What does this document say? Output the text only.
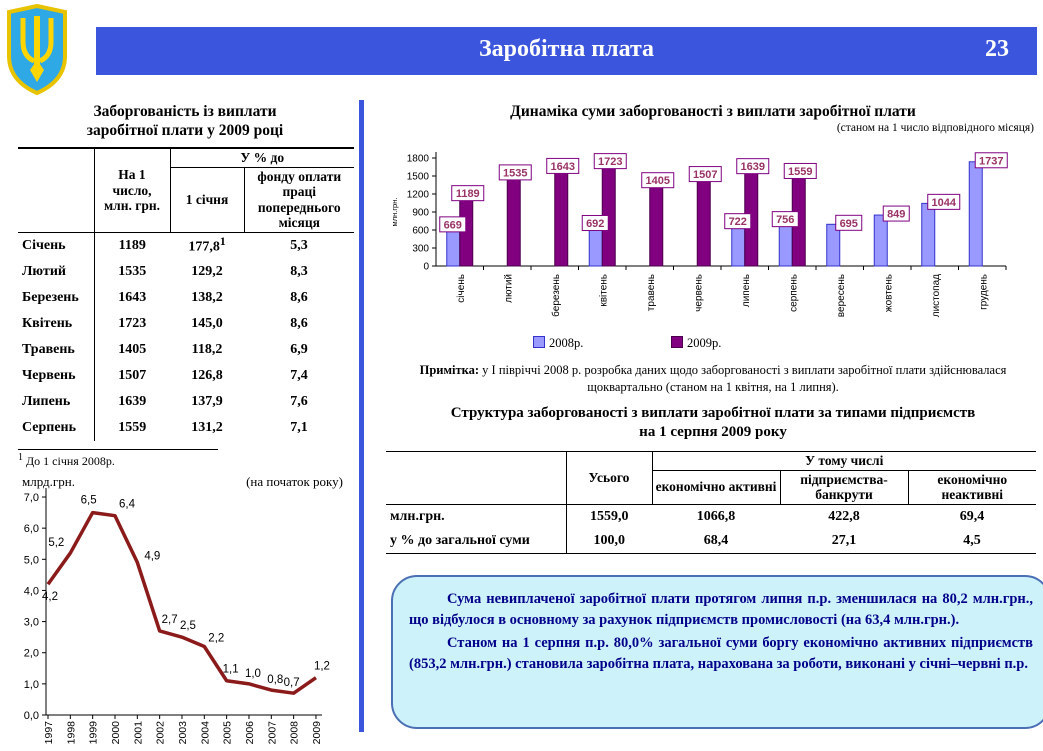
Заробітна плата	23
Заборгованість із виплати
заробітної плати у 2009 році
	На 1 число, млн. грн.	У % до	
		1 січня	фонду оплати праці попереднього місяця
Січень	1189	177,8$^1$	5,3
Лютий	1535	129,2	8,3
Березень	1643	138,2	8,6
Квітень	1723	145,0	8,6
Травень	1405	118,2	6,9
Червень	1507	126,8	7,4
Липень	1639	137,9	7,6
Серпень	1559	131,2	7,1
$^1$ До 1 січня 2008р.
млрд.грн.	(на початок року)
0,0
1,0
2,0
3,0
4,0
5,0
6,0
7,0
1997 1998 1999 2000 2001 2002 2003 2004 2005 2006 2007 2008 2009
4,2
5,2
6,5 6,4
4,9
2,7
2,5
2,2
1,1 1,0
0,8 0,7
1,2
Динаміка суми заборгованості з виплати заробітної плати
(станом на 1 число відповідного місяця)
0
300
600
900
1200
1500
1800
млн.грн.
січень	лютий	березень	квітень	травень	червень	липень	серпень	вересень	жовтень	листопад	грудень
669	692	722	756	695
849
1044
1737
1189
1535
1643 1723
1405
1507
1639 1559
2008р.	2009р.
Примітка: у І півріччі 2008 р. розробка даних щодо заборгованості з виплати заробітної плати здійснювалася щоквартально (станом на 1 квітня, на 1 липня).
Структура заборгованості з виплати заробітної плати за типами підприємств
на 1 серпня 2009 року
	Усього	У тому числі		
		економічно активні	підприємства-банкрути	економічно неактивні
млн.грн.	1559,0	1066,8	422,8	69,4
у % до загальної суми	100,0	68,4	27,1	4,5

Сума невиплаченої заробітної плати протягом липня п.р. зменшилася на 80,2 млн.грн., що відбулося в основному за рахунок підприємств промисловості (на 63,4 млн.грн.).

Станом на 1 серпня п.р. 80,0% загальної суми боргу економічно активних підприємств (853,2 млн.грн.) становила заробітна плата, нарахована за роботи, виконані у січні–червні п.р.
